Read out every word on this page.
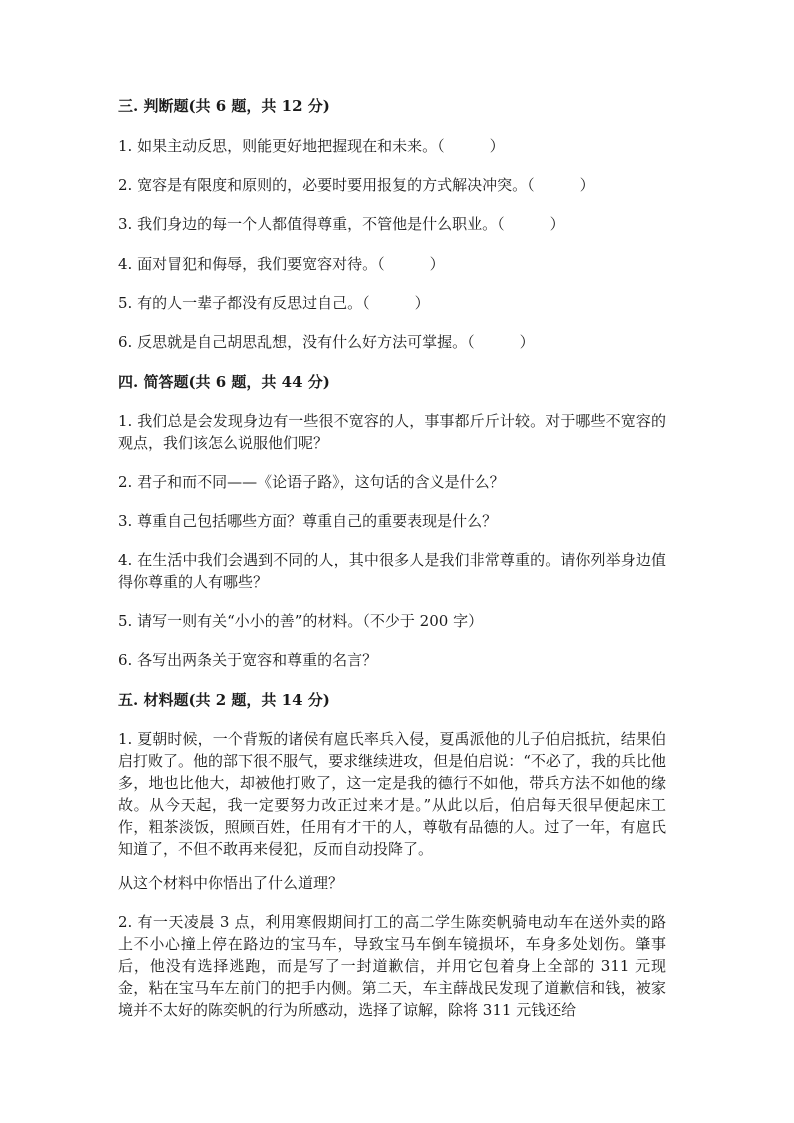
三. 判断题(共 6 题，共 12 分)
1. 如果主动反思，则能更好地把握现在和未来。（　　　）
2. 宽容是有限度和原则的，必要时要用报复的方式解决冲突。（　　　）
3. 我们身边的每一个人都值得尊重，不管他是什么职业。（　　　）
4. 面对冒犯和侮辱，我们要宽容对待。（　　　）
5. 有的人一辈子都没有反思过自己。（　　　）
6. 反思就是自己胡思乱想，没有什么好方法可掌握。（　　　）
四. 简答题(共 6 题，共 44 分)
1. 我们总是会发现身边有一些很不宽容的人，事事都斤斤计较。对于哪些不宽容的观点，我们该怎么说服他们呢？
2. 君子和而不同——《论语子路》，这句话的含义是什么？
3. 尊重自己包括哪些方面？尊重自己的重要表现是什么？
4. 在生活中我们会遇到不同的人，其中很多人是我们非常尊重的。请你列举身边值得你尊重的人有哪些？
5. 请写一则有关“小小的善”的材料。（不少于 200 字）
6. 各写出两条关于宽容和尊重的名言？
五. 材料题(共 2 题，共 14 分)
1. 夏朝时候，一个背叛的诸侯有扈氏率兵入侵，夏禹派他的儿子伯启抵抗，结果伯启打败了。他的部下很不服气，要求继续进攻，但是伯启说：“不必了，我的兵比他多，地也比他大，却被他打败了，这一定是我的德行不如他，带兵方法不如他的缘故。从今天起，我一定要努力改正过来才是。”从此以后，伯启每天很早便起床工作，粗茶淡饭，照顾百姓，任用有才干的人，尊敬有品德的人。过了一年，有扈氏知道了，不但不敢再来侵犯，反而自动投降了。
从这个材料中你悟出了什么道理？
2. 有一天凌晨 3 点，利用寒假期间打工的高二学生陈奕帆骑电动车在送外卖的路上不小心撞上停在路边的宝马车，导致宝马车倒车镜损坏，车身多处划伤。肇事后，他没有选择逃跑，而是写了一封道歉信，并用它包着身上全部的 311 元现金，粘在宝马车左前门的把手内侧。第二天，车主薛战民发现了道歉信和钱，被家境并不太好的陈奕帆的行为所感动，选择了谅解，除将 311 元钱还给
